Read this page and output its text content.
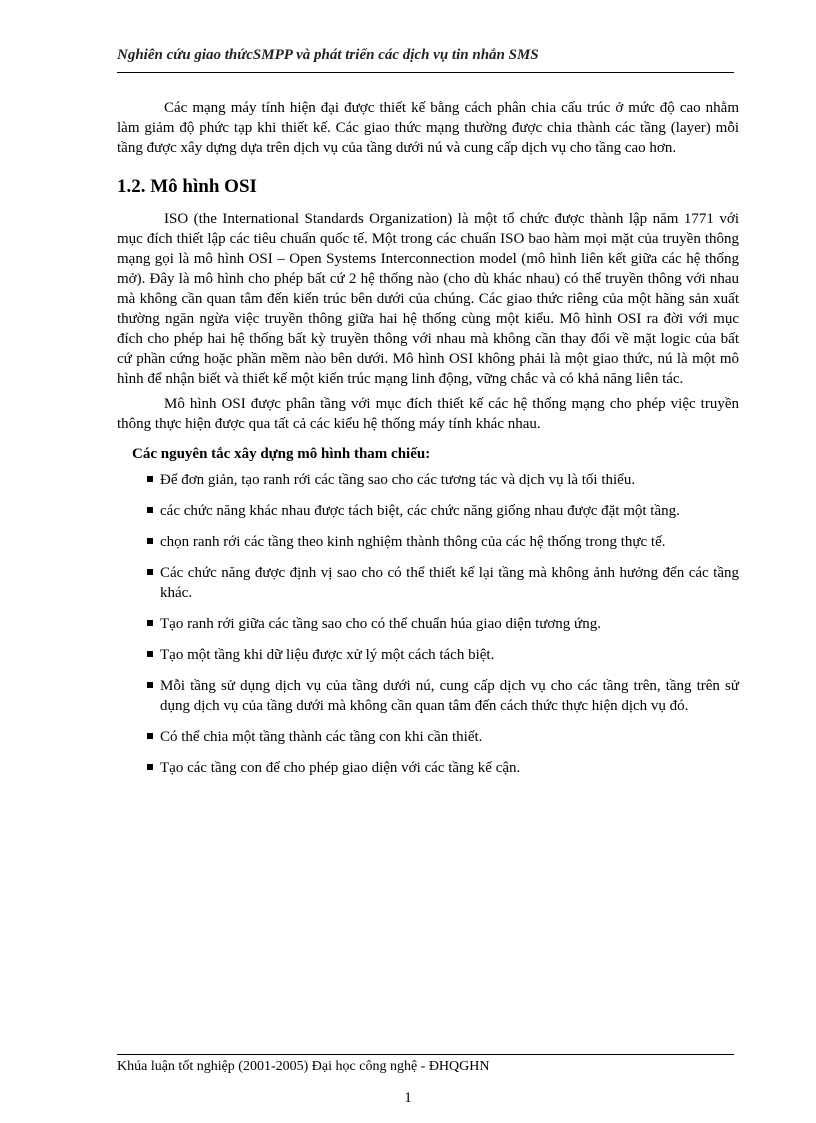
Nghiên cứu giao thứcSMPP và phát triển các dịch vụ tin nhắn SMS

Các mạng máy tính hiện đại được thiết kế bằng cách phân chia cấu trúc ở mức độ cao nhằm làm giảm độ phức tạp khi thiết kế. Các giao thức mạng thường được chia thành các tầng (layer) mỗi tầng được xây dựng dựa trên dịch vụ của tầng dưới nú và cung cấp dịch vụ cho tầng cao hơn.

1.2. Mô hình OSI

ISO (the International Standards Organization) là một tổ chức được thành lập năm 1771 với mục đích thiết lập các tiêu chuẩn quốc tế. Một trong các chuẩn ISO bao hàm mọi mặt của truyền thông mạng gọi là mô hình OSI – Open Systems Interconnection model (mô hình liên kết giữa các hệ thống mở). Đây là mô hình cho phép bất cứ 2 hệ thống nào (cho dù khác nhau) có thể truyền thông với nhau mà không cần quan tâm đến kiến trúc bên dưới của chúng. Các giao thức riêng của một hãng sản xuất thường ngăn ngừa việc truyền thông giữa hai hệ thống cùng một kiểu. Mô hình OSI ra đời với mục đích cho phép hai hệ thống bất kỳ truyền thông với nhau mà không cần thay đổi về mặt logic của bất cứ phần cứng hoặc phần mềm nào bên dưới. Mô hình OSI không phải là một giao thức, nú là một mô hình để nhận biết và thiết kế một kiến trúc mạng linh động, vững chắc và có khả năng liên tác.

Mô hình OSI được phân tầng với mục đích thiết kế các hệ thống mạng cho phép việc truyền thông thực hiện được qua tất cả các kiểu hệ thống máy tính khác nhau.

Các nguyên tắc xây dựng mô hình tham chiếu:
Để đơn giản, tạo ranh rới các tầng sao cho các tương tác và dịch vụ là tối thiểu.
các chức năng khác nhau được tách biệt, các chức năng giống nhau được đặt một tầng.
chọn ranh rới các tầng theo kinh nghiệm thành thông của các hệ thống trong thực tế.
Các chức năng được định vị sao cho có thể thiết kế lại tầng mà không ảnh hưởng đến các tầng khác.
Tạo ranh rới giữa các tầng sao cho có thể chuẩn húa giao diện tương ứng.
Tạo một tầng khi dữ liệu được xử lý một cách tách biệt.
Mỗi tầng sử dụng dịch vụ của tầng dưới nú, cung cấp dịch vụ cho các tầng trên, tầng trên sử dụng dịch vụ của tầng dưới mà không cần quan tâm đến cách thức thực hiện dịch vụ đó.
Có thể chia một tầng thành các tầng con khi cần thiết.
Tạo các tầng con để cho phép giao diện với các tầng kế cận.
Khúa luận tốt nghiệp (2001-2005) Đại học công nghệ - ĐHQGHN
1
